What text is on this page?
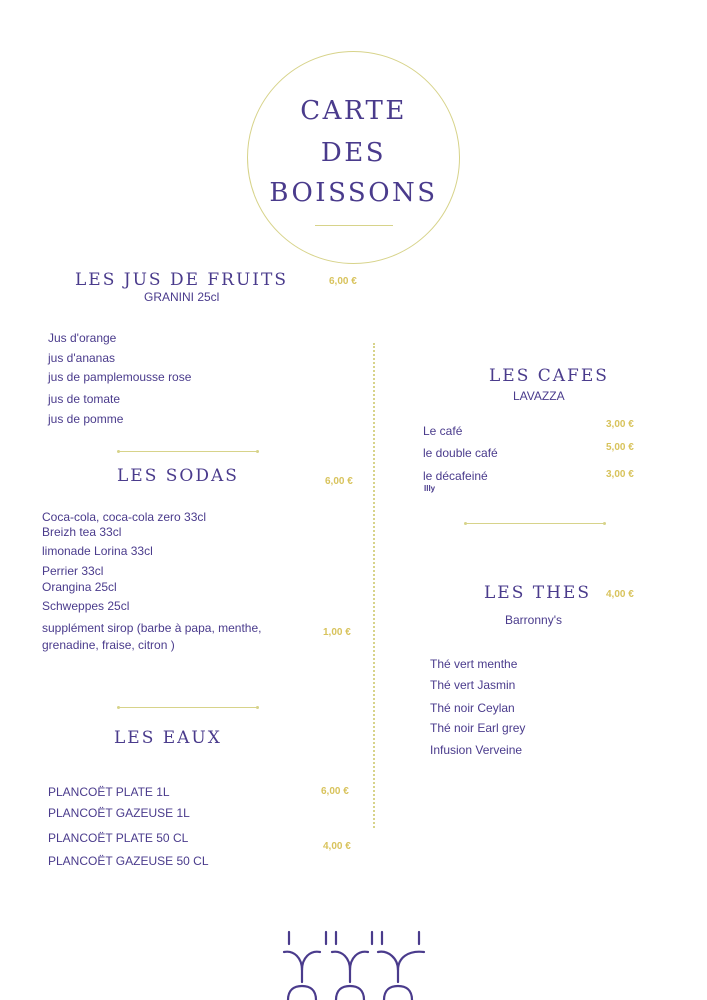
CARTE
DES
BOISSONS
LES JUS DE FRUITS
GRANINI 25cl
6,00 €
Jus d'orange
jus d'ananas
jus de pamplemousse rose
jus de tomate
jus de pomme
LES SODAS	6,00 €
Coca-cola, coca-cola zero 33cl
Breizh tea 33cl
limonade Lorina 33cl
Perrier 33cl
Orangina 25cl
Schweppes 25cl
supplément sirop (barbe à papa, menthe,
grenadine, fraise, citron )
1,00 €
LES EAUX
PLANCOËT PLATE 1L
PLANCOËT GAZEUSE 1L
PLANCOËT PLATE 50 CL
PLANCOËT GAZEUSE 50 CL
6,00 €
4,00 €
LES CAFES
LAVAZZA
Le café
le double café
le décafeiné
Illy
3,00 €
5,00 €
3,00 €
LES THES 4,00 €
Barronny's
Thé vert menthe
Thé vert Jasmin
Thé noir Ceylan
Thé noir Earl grey
Infusion Verveine
